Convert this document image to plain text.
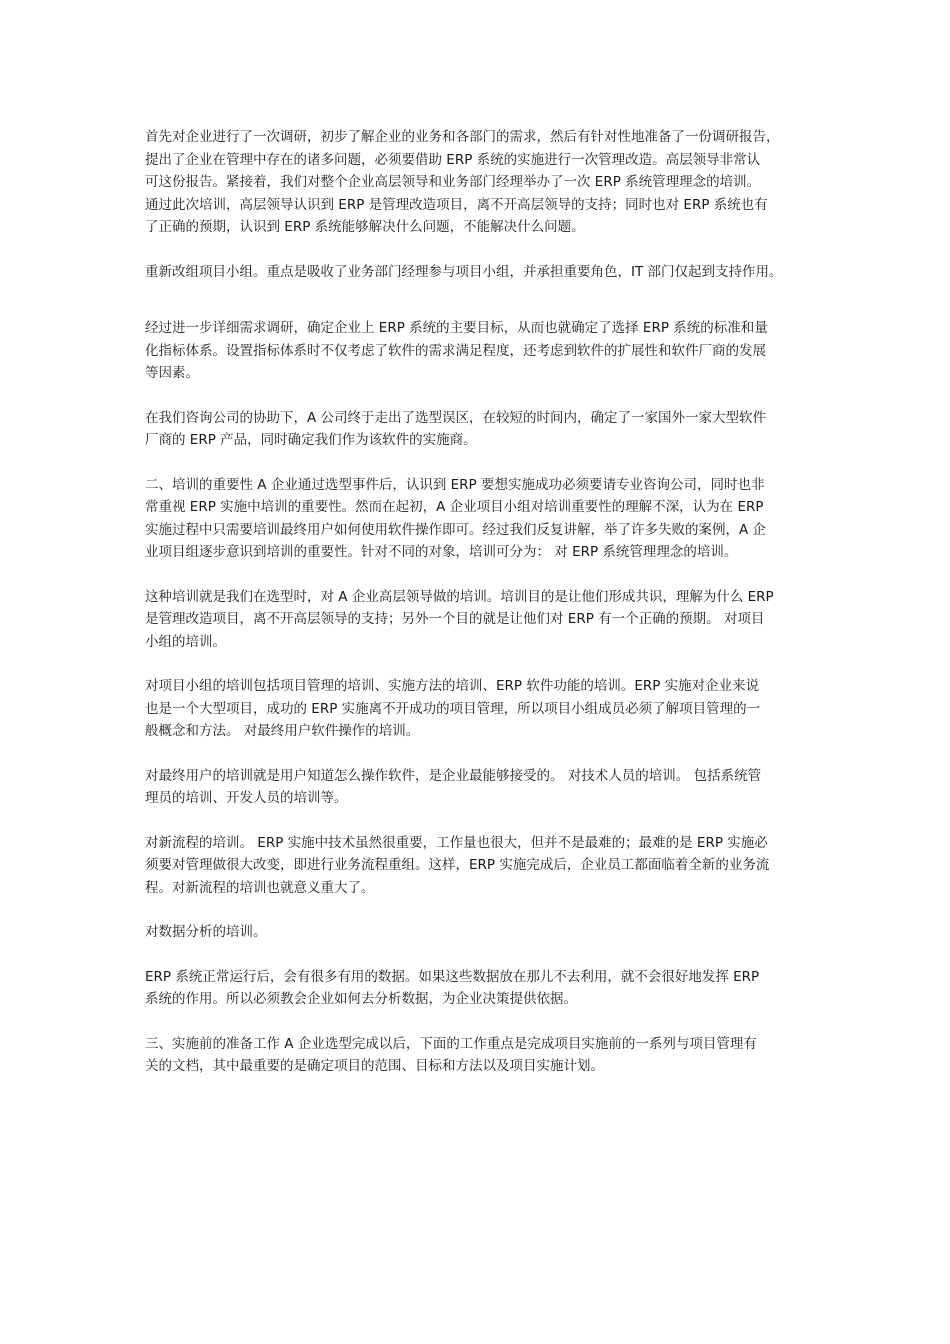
首先对企业进行了一次调研，初步了解企业的业务和各部门的需求，然后有针对性地准备了一份调研报告，
提出了企业在管理中存在的诸多问题，必须要借助 ERP 系统的实施进行一次管理改造。高层领导非常认
可这份报告。紧接着，我们对整个企业高层领导和业务部门经理举办了一次 ERP 系统管理理念的培训。
通过此次培训，高层领导认识到 ERP 是管理改造项目，离不开高层领导的支持；同时也对 ERP 系统也有
了正确的预期，认识到 ERP 系统能够解决什么问题，不能解决什么问题。

重新改组项目小组。重点是吸收了业务部门经理参与项目小组，并承担重要角色，IT 部门仅起到支持作用。

经过进一步详细需求调研，确定企业上 ERP 系统的主要目标，从而也就确定了选择 ERP 系统的标准和量
化指标体系。设置指标体系时不仅考虑了软件的需求满足程度，还考虑到软件的扩展性和软件厂商的发展
等因素。

在我们咨询公司的协助下，A 公司终于走出了选型误区，在较短的时间内，确定了一家国外一家大型软件
厂商的 ERP 产品，同时确定我们作为该软件的实施商。

二、培训的重要性 A 企业通过选型事件后，认识到 ERP 要想实施成功必须要请专业咨询公司，同时也非
常重视 ERP 实施中培训的重要性。然而在起初，A 企业项目小组对培训重要性的理解不深，认为在 ERP
实施过程中只需要培训最终用户如何使用软件操作即可。经过我们反复讲解，举了许多失败的案例，A 企
业项目组逐步意识到培训的重要性。针对不同的对象，培训可分为： 对 ERP 系统管理理念的培训。

这种培训就是我们在选型时，对 A 企业高层领导做的培训。培训目的是让他们形成共识，理解为什么 ERP
是管理改造项目，离不开高层领导的支持；另外一个目的就是让他们对 ERP 有一个正确的预期。 对项目
小组的培训。

对项目小组的培训包括项目管理的培训、实施方法的培训、ERP 软件功能的培训。ERP 实施对企业来说
也是一个大型项目，成功的 ERP 实施离不开成功的项目管理，所以项目小组成员必须了解项目管理的一
般概念和方法。 对最终用户软件操作的培训。

对最终用户的培训就是用户知道怎么操作软件，是企业最能够接受的。 对技术人员的培训。 包括系统管
理员的培训、开发人员的培训等。

对新流程的培训。 ERP 实施中技术虽然很重要，工作量也很大，但并不是最难的；最难的是 ERP 实施必
须要对管理做很大改变，即进行业务流程重组。这样，ERP 实施完成后，企业员工都面临着全新的业务流
程。对新流程的培训也就意义重大了。

对数据分析的培训。

ERP 系统正常运行后，会有很多有用的数据。如果这些数据放在那儿不去利用，就不会很好地发挥 ERP
系统的作用。所以必须教会企业如何去分析数据，为企业决策提供依据。

三、实施前的准备工作 A 企业选型完成以后，下面的工作重点是完成项目实施前的一系列与项目管理有
关的文档，其中最重要的是确定项目的范围、目标和方法以及项目实施计划。
